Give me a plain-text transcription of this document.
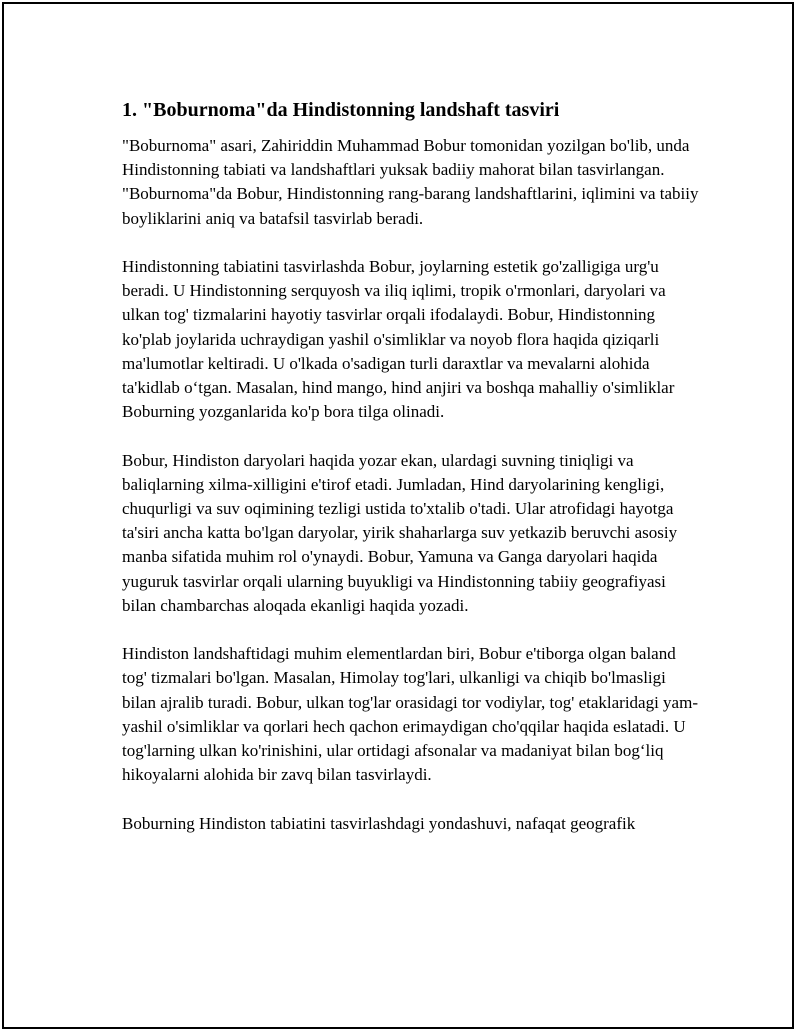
1. "Boburnoma"da Hindistonning landshaft tasviri

"Boburnoma" asari, Zahiriddin Muhammad Bobur tomonidan yozilgan bo'lib, unda Hindistonning tabiati va landshaftlari yuksak badiiy mahorat bilan tasvirlangan. "Boburnoma"da Bobur, Hindistonning rang-barang landshaftlarini, iqlimini va tabiiy boyliklarini aniq va batafsil tasvirlab beradi.

Hindistonning tabiatini tasvirlashda Bobur, joylarning estetik go'zalligiga urg'u beradi. U Hindistonning serquyosh va iliq iqlimi, tropik o'rmonlari, daryolari va ulkan tog' tizmalarini hayotiy tasvirlar orqali ifodalaydi. Bobur, Hindistonning ko'plab joylarida uchraydigan yashil o'simliklar va noyob flora haqida qiziqarli ma'lumotlar keltiradi. U o'lkada o'sadigan turli daraxtlar va mevalarni alohida ta'kidlab o‘tgan. Masalan, hind mango, hind anjiri va boshqa mahalliy o'simliklar Boburning yozganlarida ko'p bora tilga olinadi.

Bobur, Hindiston daryolari haqida yozar ekan, ulardagi suvning tiniqligi va baliqlarning xilma-xilligini e'tirof etadi. Jumladan, Hind daryolarining kengligi, chuqurligi va suv oqimining tezligi ustida to'xtalib o'tadi. Ular atrofidagi hayotga ta'siri ancha katta bo'lgan daryolar, yirik shaharlarga suv yetkazib beruvchi asosiy manba sifatida muhim rol o'ynaydi. Bobur, Yamuna va Ganga daryolari haqida yuguruk tasvirlar orqali ularning buyukligi va Hindistonning tabiiy geografiyasi bilan chambarchas aloqada ekanligi haqida yozadi.

Hindiston landshaftidagi muhim elementlardan biri, Bobur e'tiborga olgan baland tog' tizmalari bo'lgan. Masalan, Himolay tog'lari, ulkanligi va chiqib bo'lmasligi bilan ajralib turadi. Bobur, ulkan tog'lar orasidagi tor vodiylar, tog' etaklaridagi yam-yashil o'simliklar va qorlari hech qachon erimaydigan cho'qqilar haqida eslatadi. U tog'larning ulkan ko'rinishini, ular ortidagi afsonalar va madaniyat bilan bog‘liq hikoyalarni alohida bir zavq bilan tasvirlaydi.

Boburning Hindiston tabiatini tasvirlashdagi yondashuvi, nafaqat geografik
